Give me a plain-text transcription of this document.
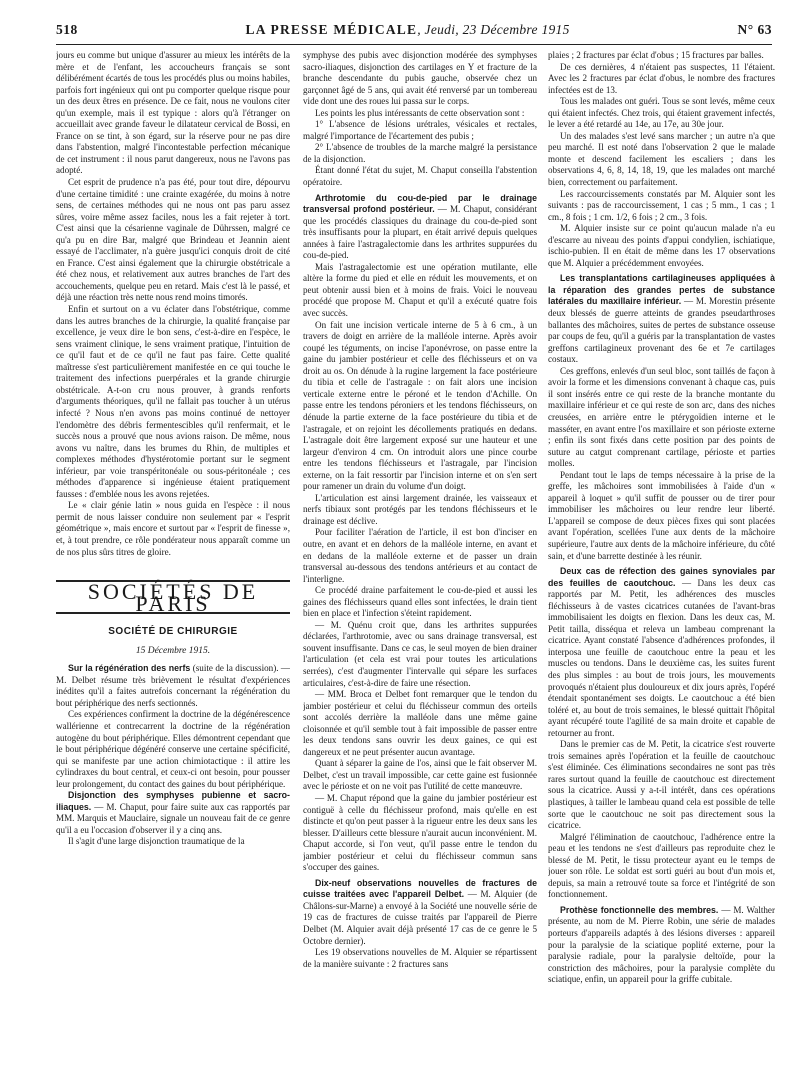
518	LA PRESSE MÉDICALE, Jeudi, 23 Décembre 1915	N° 63

jours eu comme but unique d'assurer au mieux les intérêts de la mère et de l'enfant, les accoucheurs français se sont délibérément écartés de tous les procédés plus ou moins habiles, parfois fort ingénieux qui ont pu comporter quelque risque pour un des deux êtres en présence. De ce fait, nous ne voulons citer qu'un exemple, mais il est typique : alors qu'à l'étranger on accueillait avec grande faveur le dilatateur cervical de Bossi, en France on se tint, à son égard, sur la réserve pour ne pas dire dans l'abstention, malgré l'incontestable perfection mécanique de cet instrument : il nous parut dangereux, nous ne l'avons pas adopté.

Cet esprit de prudence n'a pas été, pour tout dire, dépourvu d'une certaine timidité : une crainte exagérée, du moins à notre sens, de certaines méthodes qui ne nous ont pas paru assez sûres, voire même assez faciles, nous les a fait rejeter à tort. C'est ainsi que la césarienne vaginale de Dührssen, malgré ce qu'a pu en dire Bar, malgré que Brindeau et Jeannin aient essayé de l'acclimater, n'a guère jusqu'ici conquis droit de cité en France. C'est ainsi également que la chirurgie obstétricale a été chez nous, et relativement aux autres branches de l'art des accouchements, quelque peu en retard. Mais c'est là le passé, et déjà une réaction très nette nous rend moins timorés.

Enfin et surtout on a vu éclater dans l'obstétrique, comme dans les autres branches de la chirurgie, la qualité française par excellence, je veux dire le bon sens, c'est-à-dire en l'espèce, le sens vraiment clinique, le sens vraiment pratique, l'intuition de ce qu'il faut et de ce qu'il ne faut pas faire. Cette qualité maîtresse s'est particulièrement manifestée en ce qui touche le traitement des infections puerpérales et la grande chirurgie obstétricale. A-t-on cru nous prouver, à grands renforts d'arguments théoriques, qu'il ne fallait pas toucher à un utérus infecté ? Nous n'en avons pas moins continué de nettoyer l'endomètre des débris fermentescibles qu'il renfermait, et le succès nous a prouvé que nous avions raison. De même, nous avons vu naître, dans les brumes du Rhin, de multiples et complexes méthodes d'hystérotomie portant sur le segment inférieur, par voie transpéritonéale ou sous-péritonéale ; ces méthodes d'apparence si ingénieuse étaient pratiquement fausses : d'emblée nous les avons rejetées.

Le « clair génie latin » nous guida en l'espèce : il nous permit de nous laisser conduire non seulement par « l'esprit géométrique », mais encore et surtout par « l'esprit de finesse », et, à tout prendre, ce rôle pondérateur nous apparaît comme un de nos plus sûrs titres de gloire.

SOCIÉTÉS DE PARIS
SOCIÉTÉ DE CHIRURGIE
15 Décembre 1915.

Sur la régénération des nerfs (suite de la discussion). — M. Delbet résume très brièvement le résultat d'expériences inédites qu'il a faites autrefois concernant la régénération du bout périphérique des nerfs sectionnés.

Ces expériences confirment la doctrine de la dégénérescence wallérienne et contrecarrent la doctrine de la régénération autogène du bout périphérique. Elles démontrent cependant que le bout périphérique dégénéré conserve une certaine spécificité, qui se manifeste par une action chimiotactique : il attire les cylindraxes du bout central, et ceux-ci ont besoin, pour pousser leur prolongement, du contact des gaines du bout périphérique.

Disjonction des symphyses pubienne et sacro-iliaques. — M. Chaput, pour faire suite aux cas rapportés par MM. Marquis et Mauclaire, signale un nouveau fait de ce genre qu'il a eu l'occasion d'observer il y a cinq ans.

Il s'agit d'une large disjonction traumatique de la

symphyse des pubis avec disjonction modérée des symphyses sacro-iliaques, disjonction des cartilages en Y et fracture de la branche descendante du pubis gauche, observée chez un garçonnet âgé de 5 ans, qui avait été renversé par un tombereau vide dont une des roues lui passa sur le corps.

Les points les plus intéressants de cette observation sont :

1° L'absence de lésions urétrales, vésicales et rectales, malgré l'importance de l'écartement des pubis ;

2° L'absence de troubles de la marche malgré la persistance de la disjonction.

Étant donné l'état du sujet, M. Chaput conseilla l'abstention opératoire.

Arthrotomie du cou-de-pied par le drainage transversal profond postérieur. — M. Chaput, considérant que les procédés classiques du drainage du cou-de-pied sont très insuffisants pour la plupart, en était arrivé depuis quelques années à faire l'astragalectomie dans les arthrites suppurées du cou-de-pied.

Mais l'astragalectomie est une opération mutilante, elle altère la forme du pied et elle en réduit les mouvements, et on peut obtenir aussi bien et à moins de frais. Voici le nouveau procédé que propose M. Chaput et qu'il a exécuté quatre fois avec succès.

On fait une incision verticale interne de 5 à 6 cm., à un travers de doigt en arrière de la malléole interne. Après avoir coupé les téguments, on incise l'aponévrose, on passe entre la gaine du jambier postérieur et celle des fléchisseurs et on va droit au os. On dénude à la rugine largement la face postérieure du tibia et celle de l'astragale : on fait alors une incision verticale externe entre le péroné et le tendon d'Achille. On passe entre les tendons péroniers et les tendons fléchisseurs, on dénude la partie externe de la face postérieure du tibia et de l'astragale, et on rejoint les décollements pratiqués en dedans. L'astragale doit être largement exposé sur une hauteur et une largeur d'environ 4 cm. On introduit alors une pince courbe entre les tendons fléchisseurs et l'astragale, par l'incision externe, on la fait ressortir par l'incision interne et on s'en sert pour ramener un drain du volume d'un doigt.

L'articulation est ainsi largement drainée, les vaisseaux et nerfs tibiaux sont protégés par les tendons fléchisseurs et le drainage est déclive.

Pour faciliter l'aération de l'article, il est bon d'inciser en outre, en avant et en dehors de la malléole interne, en avant et en dedans de la malléole externe et de passer un drain transversal au-dessous des tendons antérieurs et au contact de l'interligne.

Ce procédé draine parfaitement le cou-de-pied et aussi les gaines des fléchisseurs quand elles sont infectées, le drain tient bien en place et l'infection s'éteint rapidement.

— M. Quénu croit que, dans les arthrites suppurées déclarées, l'arthrotomie, avec ou sans drainage transversal, est souvent insuffisante. Dans ce cas, le seul moyen de bien drainer l'articulation (et cela est vrai pour toutes les articulations serrées), c'est d'augmenter l'intervalle qui sépare les surfaces articulaires, c'est-à-dire de faire une résection.

— MM. Broca et Delbet font remarquer que le tendon du jambier postérieur et celui du fléchisseur commun des orteils sont accolés derrière la malléole dans une même gaine cloisonnée et qu'il semble tout à fait impossible de passer entre les deux tendons sans ouvrir les deux gaines, ce qui est dangereux et ne peut présenter aucun avantage.

Quant à séparer la gaine de l'os, ainsi que le fait observer M. Delbet, c'est un travail impossible, car cette gaine est fusionnée avec le périoste et on ne voit pas l'utilité de cette manœuvre.

— M. Chaput répond que la gaine du jambier postérieur est contiguë à celle du fléchisseur profond, mais qu'elle en est distincte et qu'on peut passer à la rigueur entre les deux sans les blesser. D'ailleurs cette blessure n'aurait aucun inconvénient. M. Chaput accorde, si l'on veut, qu'il passe entre le tendon du jambier postérieur et celui du fléchisseur commun sans s'occuper des gaines.

Dix-neuf observations nouvelles de fractures de cuisse traitées avec l'appareil Delbet. — M. Alquier (de Châlons-sur-Marne) a envoyé à la Société une nouvelle série de 19 cas de fractures de cuisse traités par l'appareil de Pierre Delbet (M. Alquier avait déjà présenté 17 cas de ce genre le 5 Octobre dernier).

Les 19 observations nouvelles de M. Alquier se répartissent de la manière suivante : 2 fractures sans

plaies ; 2 fractures par éclat d'obus ; 15 fractures par balles.

De ces dernières, 4 n'étaient pas suspectes, 11 l'étaient. Avec les 2 fractures par éclat d'obus, le nombre des fractures infectées est de 13.

Tous les malades ont guéri. Tous se sont levés, même ceux qui étaient infectés. Chez trois, qui étaient gravement infectés, le lever a été retardé au 14e, au 17e, au 30e jour.

Un des malades s'est levé sans marcher ; un autre n'a que peu marché. Il est noté dans l'observation 2 que le malade monte et descend facilement les escaliers ; dans les observations 4, 6, 8, 14, 18, 19, que les malades ont marché bien, correctement ou parfaitement.

Les raccourcissements constatés par M. Alquier sont les suivants : pas de raccourcissement, 1 cas ; 5 mm., 1 cas ; 1 cm., 8 fois ; 1 cm. 1/2, 6 fois ; 2 cm., 3 fois.

M. Alquier insiste sur ce point qu'aucun malade n'a eu d'escarre au niveau des points d'appui condylien, ischiatique, ischio-pubien. Il en était de même dans les 17 observations que M. Alquier a précédemment envoyées.

Les transplantations cartilagineuses appliquées à la réparation des grandes pertes de substance latérales du maxillaire inférieur. — M. Morestin présente deux blessés de guerre atteints de grandes pseudarthroses ballantes des mâchoires, suites de pertes de substance osseuse par coups de feu, qu'il a guéris par la transplantation de vastes greffons cartilagineux provenant des 6e et 7e cartilages costaux.

Ces greffons, enlevés d'un seul bloc, sont taillés de façon à avoir la forme et les dimensions convenant à chaque cas, puis il sont insérés entre ce qui reste de la branche montante du maxillaire inférieur et ce qui reste de son arc, dans des niches creusées, en arrière entre le ptérygoïdien interne et le masséter, en avant entre l'os maxillaire et son périoste externe ; enfin ils sont fixés dans cette position par des points de suture au catgut comprenant cartilage, périoste et parties molles.

Pendant tout le laps de temps nécessaire à la prise de la greffe, les mâchoires sont immobilisées à l'aide d'un « appareil à loquet » qu'il suffit de pousser ou de tirer pour immobiliser les mâchoires ou leur rendre leur liberté. L'appareil se compose de deux pièces fixes qui sont placées avant l'opération, scellées l'une aux dents de la mâchoire supérieure, l'autre aux dents de la mâchoire inférieure, du côté sain, et d'une barrette destinée à les réunir.

Deux cas de réfection des gaines synoviales par des feuilles de caoutchouc. — Dans les deux cas rapportés par M. Petit, les adhérences des muscles fléchisseurs à de vastes cicatrices cutanées de l'avant-bras immobilisaient les doigts en flexion. Dans les deux cas, M. Petit tailla, disséqua et releva un lambeau comprenant la cicatrice. Ayant constaté l'absence d'adhérences profondes, il interposa une feuille de caoutchouc entre la peau et les muscles ou tendons. Dans le deuxième cas, les suites furent des plus simples : au bout de trois jours, les mouvements provoqués n'étaient plus douloureux et dix jours après, l'opéré étendait spontanément ses doigts. Le caoutchouc a été bien toléré et, au bout de trois semaines, le blessé quittait l'hôpital ayant récupéré toute l'agilité de sa main droite et capable de retourner au front.

Dans le premier cas de M. Petit, la cicatrice s'est rouverte trois semaines après l'opération et la feuille de caoutchouc s'est éliminée. Ces éliminations secondaires ne sont pas très rares surtout quand la feuille de caoutchouc est directement sous la cicatrice. Aussi y a-t-il intérêt, dans ces opérations plastiques, à tailler le lambeau quand cela est possible de telle sorte que le caoutchouc ne soit pas directement sous la cicatrice.

Malgré l'élimination de caoutchouc, l'adhérence entre la peau et les tendons ne s'est d'ailleurs pas reproduite chez le blessé de M. Petit, le tissu protecteur ayant eu le temps de jouer son rôle. Le soldat est sorti guéri au bout d'un mois et, depuis, sa main a retrouvé toute sa force et l'intégrité de son fonctionnement.

Prothèse fonctionnelle des membres. — M. Walther présente, au nom de M. Pierre Robin, une série de malades porteurs d'appareils adaptés à des lésions diverses : appareil pour la paralysie de la sciatique poplité externe, pour la paralysie radiale, pour la paralysie deltoïde, pour la constriction des mâchoires, pour la paralysie complète du sciatique, enfin, un appareil pour la griffe cubitale.
